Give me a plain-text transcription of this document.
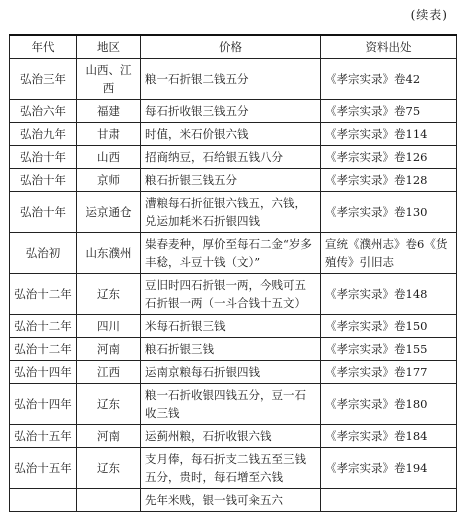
(续表)
年代	地区	价格	资料出处
弘治三年	山西、江西	粮一石折银二钱五分	《孝宗实录》卷42
弘治六年	福建	每石折收银三钱五分	《孝宗实录》卷75
弘治九年	甘肃	时值，米石价银六钱	《孝宗实录》卷114
弘治十年	山西	招商纳豆，石给银五钱八分	《孝宗实录》卷126
弘治十年	京师	粮石折银三钱五分	《孝宗实录》卷128
弘治十年	运京通仓	漕粮每石折征银六钱五，六钱，兑运加耗米石折银四钱	《孝宗实录》卷130
弘治初	山东濮州	粜春麦种，厚价至每石二金“岁多丰稔，斗豆十钱（文）”	宣统《濮州志》卷6《货殖传》引旧志
弘治十二年	辽东	豆旧时四石折银一两，今贱可五石折银一两（一斗合钱十五文）	《孝宗实录》卷148
弘治十二年	四川	米每石折银三钱	《孝宗实录》卷150
弘治十二年	河南	粮石折银三钱	《孝宗实录》卷155
弘治十四年	江西	运南京粮每石折银四钱	《孝宗实录》卷177
弘治十四年	辽东	粮一石折收银四钱五分，豆一石收三钱	《孝宗实录》卷180
弘治十五年	河南	运蓟州粮，石折收银六钱	《孝宗实录》卷184
弘治十五年	辽东	支月俸，每石折支二钱五至三钱五分，贵时，每石增至六钱	《孝宗实录》卷194
		先年米贱，银一钱可籴五六	
